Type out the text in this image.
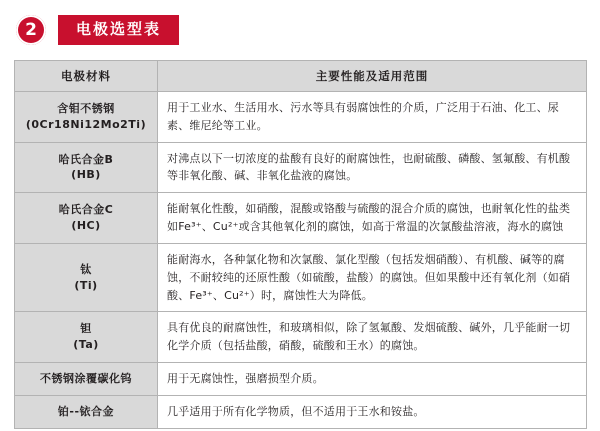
2	电极选型表
电极材料	主要性能及适用范围

含钼不锈钢
(0Cr18Ni12Mo2Ti)	用于工业水、生活用水、污水等具有弱腐蚀性的介质，广泛用于石油、化工、尿素、维尼纶等工业。

哈氏合金B
(HB)	对沸点以下一切浓度的盐酸有良好的耐腐蚀性，也耐硫酸、磷酸、氢氟酸、有机酸等非氧化酸、碱、非氧化盐液的腐蚀。

哈氏合金C
(HC)	能耐氧化性酸，如硝酸，混酸或铬酸与硫酸的混合介质的腐蚀，也耐氧化性的盐类如Fe³⁺、Cu²⁺或含其他氧化剂的腐蚀，如高于常温的次氯酸盐溶液，海水的腐蚀

钛
(Ti)	能耐海水，各种氯化物和次氯酸、氯化型酸（包括发烟硝酸）、有机酸、碱等的腐蚀，不耐较纯的还原性酸（如硫酸，盐酸）的腐蚀。但如果酸中还有氧化剂（如硝酸、Fe³⁺、Cu²⁺）时，腐蚀性大为降低。

钽
(Ta)	具有优良的耐腐蚀性，和玻璃相似，除了氢氟酸、发烟硫酸、碱外，几乎能耐一切化学介质（包括盐酸，硝酸，硫酸和王水）的腐蚀。

不锈钢涂覆碳化钨	用于无腐蚀性，强磨损型介质。

铂--铱合金	几乎适用于所有化学物质，但不适用于王水和铵盐。
